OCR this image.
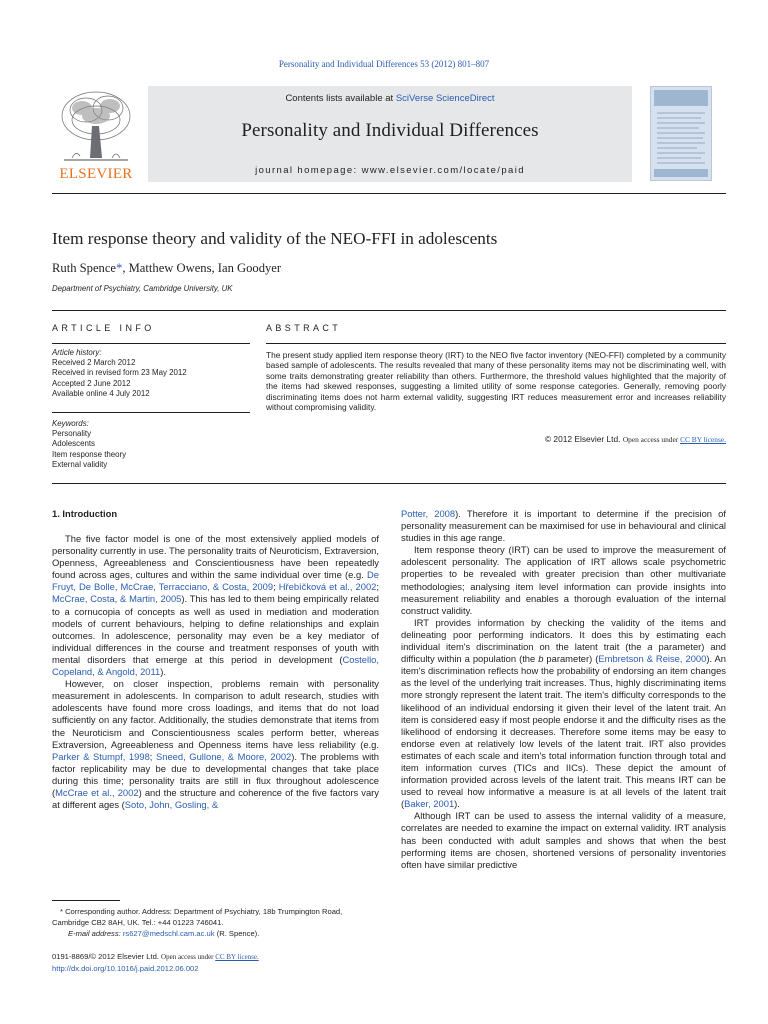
Personality and Individual Differences 53 (2012) 801–807
ELSEVIER
Contents lists available at SciVerse ScienceDirect
Personality and Individual Differences
journal homepage: www.elsevier.com/locate/paid
Item response theory and validity of the NEO-FFI in adolescents
Ruth Spence*, Matthew Owens, Ian Goodyer
Department of Psychiatry, Cambridge University, UK
ARTICLE INFO
Article history:
Received 2 March 2012
Received in revised form 23 May 2012
Accepted 2 June 2012
Available online 4 July 2012
Keywords:
Personality
Adolescents
Item response theory
External validity
ABSTRACT
The present study applied item response theory (IRT) to the NEO five factor inventory (NEO-FFI) completed by a community based sample of adolescents. The results revealed that many of these personality items may not be discriminating well, with some traits demonstrating greater reliability than others. Furthermore, the threshold values highlighted that the majority of the items had skewed responses, suggesting a limited utility of some response categories. Generally, removing poorly discriminating items does not harm external validity, suggesting IRT reduces measurement error and increases reliability without compromising validity.
© 2012 Elsevier Ltd. Open access under CC BY license.
1. Introduction

The five factor model is one of the most extensively applied models of personality currently in use. The personality traits of Neuroticism, Extraversion, Openness, Agreeableness and Conscientiousness have been repeatedly found across ages, cultures and within the same individual over time (e.g. De Fruyt, De Bolle, McCrae, Terracciano, & Costa, 2009; Hřebíčková et al., 2002; McCrae, Costa, & Martin, 2005). This has led to them being empirically related to a cornucopia of concepts as well as used in mediation and moderation models of current behaviours, helping to define relationships and explain outcomes. In adolescence, personality may even be a key mediator of individual differences in the course and treatment responses of youth with mental disorders that emerge at this period in development (Costello, Copeland, & Angold, 2011).

However, on closer inspection, problems remain with personality measurement in adolescents. In comparison to adult research, studies with adolescents have found more cross loadings, and items that do not load sufficiently on any factor. Additionally, the studies demonstrate that items from the Neuroticism and Conscientiousness scales perform better, whereas Extraversion, Agreeableness and Openness items have less reliability (e.g. Parker & Stumpf, 1998; Sneed, Gullone, & Moore, 2002). The problems with factor replicability may be due to developmental changes that take place during this time; personality traits are still in flux throughout adolescence (McCrae et al., 2002) and the structure and coherence of the five factors vary at different ages (Soto, John, Gosling, &

Potter, 2008). Therefore it is important to determine if the precision of personality measurement can be maximised for use in behavioural and clinical studies in this age range.

Item response theory (IRT) can be used to improve the measurement of adolescent personality. The application of IRT allows scale psychometric properties to be revealed with greater precision than other multivariate methodologies; analysing item level information can provide insights into measurement reliability and enables a thorough evaluation of the internal construct validity.

IRT provides information by checking the validity of the items and delineating poor performing indicators. It does this by estimating each individual item's discrimination on the latent trait (the a parameter) and difficulty within a population (the b parameter) (Embretson & Reise, 2000). An item's discrimination reflects how the probability of endorsing an item changes as the level of the underlying trait increases. Thus, highly discriminating items more strongly represent the latent trait. The item's difficulty corresponds to the likelihood of an individual endorsing it given their level of the latent trait. An item is considered easy if most people endorse it and the difficulty rises as the likelihood of endorsing it decreases. Therefore some items may be easy to endorse even at relatively low levels of the latent trait. IRT also provides estimates of each scale and item's total information function through total and item information curves (TICs and IICs). These depict the amount of information provided across levels of the latent trait. This means IRT can be used to reveal how informative a measure is at all levels of the latent trait (Baker, 2001).

Although IRT can be used to assess the internal validity of a measure, correlates are needed to examine the impact on external validity. IRT analysis has been conducted with adult samples and shows that when the best performing items are chosen, shortened versions of personality inventories often have similar predictive

* Corresponding author. Address: Department of Psychiatry, 18b Trumpington Road, Cambridge CB2 8AH, UK. Tel.: +44 01223 746041.
E-mail address: rs627@medschl.cam.ac.uk (R. Spence).
0191-8869/© 2012 Elsevier Ltd. Open access under CC BY license.
http://dx.doi.org/10.1016/j.paid.2012.06.002
